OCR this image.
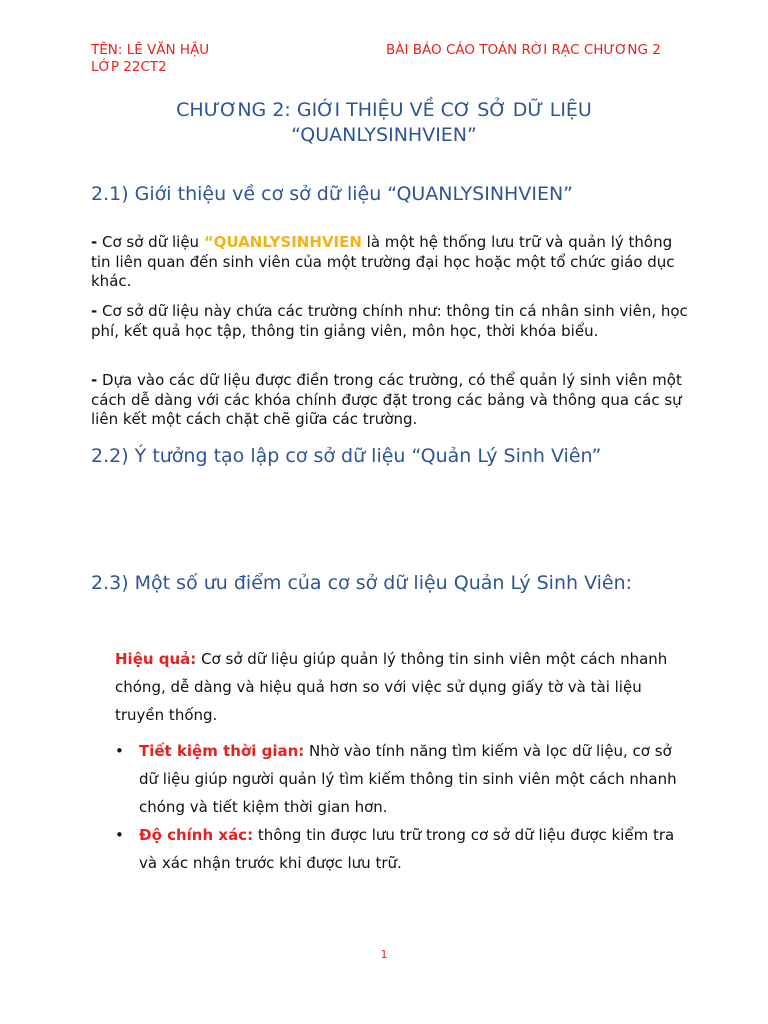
TÊN: LÊ VĂN HẬU
LỚP 22CT2
BÀI BÁO CÁO TOÁN RỜI RẠC CHƯƠNG 2
CHƯƠNG 2: GIỚI THIỆU VỀ CƠ SỞ DỮ LIỆU
“QUANLYSINHVIEN”
2.1) Giới thiệu về cơ sở dữ liệu “QUANLYSINHVIEN”

- Cơ sở dữ liệu “QUANLYSINHVIEN là một hệ thống lưu trữ và quản lý thông tin liên quan đến sinh viên của một trường đại học hoặc một tổ chức giáo dục khác.

- Cơ sở dữ liệu này chứa các trường chính như: thông tin cá nhân sinh viên, học phí, kết quả học tập, thông tin giảng viên, môn học, thời khóa biểu.

- Dựa vào các dữ liệu được điền trong các trường, có thể quản lý sinh viên một cách dễ dàng với các khóa chính được đặt trong các bảng và thông qua các sự liên kết một cách chặt chẽ giữa các trường.

2.2) Ý tưởng tạo lập cơ sở dữ liệu “Quản Lý Sinh Viên”
2.3) Một số ưu điểm của cơ sở dữ liệu Quản Lý Sinh Viên:

Hiệu quả: Cơ sở dữ liệu giúp quản lý thông tin sinh viên một cách nhanh chóng, dễ dàng và hiệu quả hơn so với việc sử dụng giấy tờ và tài liệu truyền thống.

• Tiết kiệm thời gian: Nhờ vào tính năng tìm kiếm và lọc dữ liệu, cơ sở dữ liệu giúp người quản lý tìm kiếm thông tin sinh viên một cách nhanh chóng và tiết kiệm thời gian hơn.
• Độ chính xác: thông tin được lưu trữ trong cơ sở dữ liệu được kiểm tra và xác nhận trước khi được lưu trữ.
1
